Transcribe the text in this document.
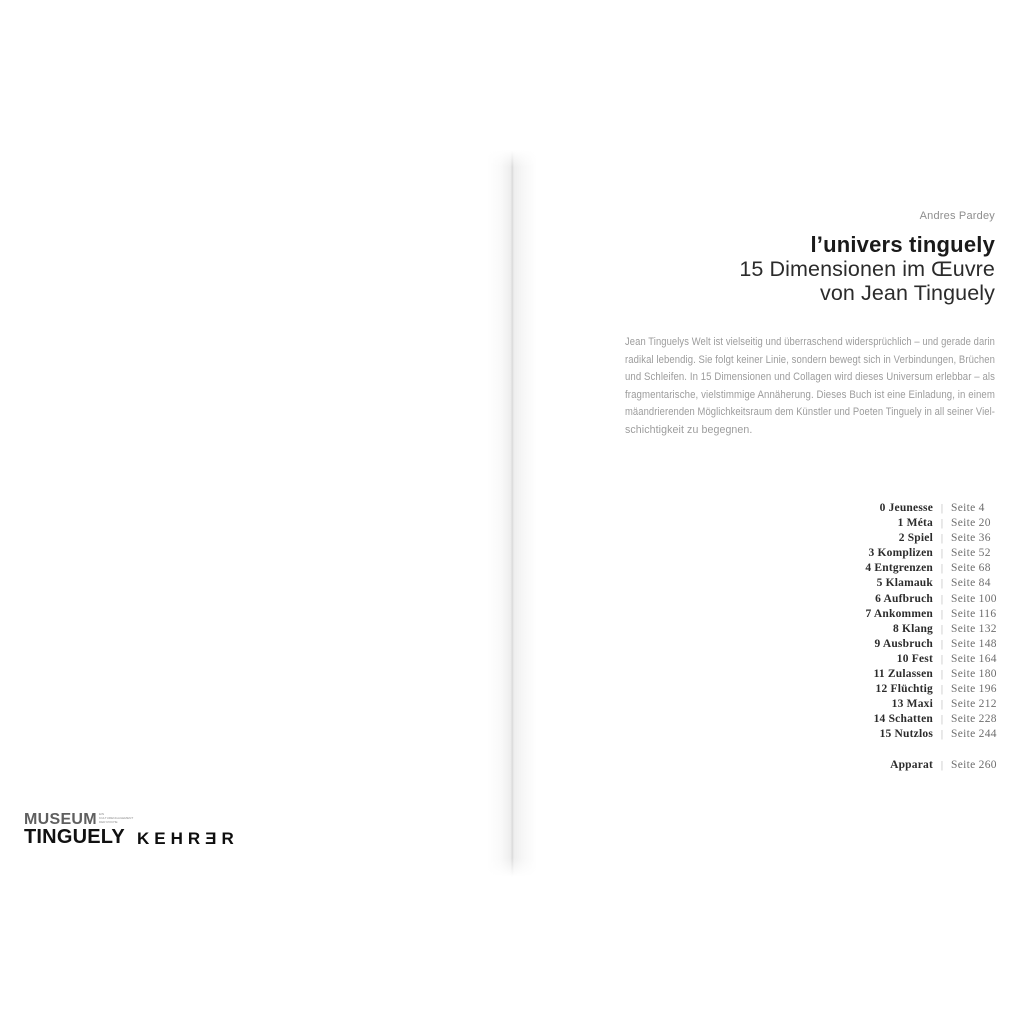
Andres Pardey
l’univers tinguely
15 Dimensionen im Œuvre
von Jean Tinguely
Jean Tinguelys Welt ist vielseitig und überraschend widersprüchlich – und gerade darin
radikal lebendig. Sie folgt keiner Linie, sondern bewegt sich in Verbindungen, Brüchen
und Schleifen. In 15 Dimensionen und Collagen wird dieses Universum erlebbar – als
fragmentarische, vielstimmige Annäherung. Dieses Buch ist eine Einladung, in einem
mäandrierenden Möglichkeitsraum dem Künstler und Poeten Tinguely in all seiner Viel-
schichtigkeit zu begegnen.
0 Jeunesse | Seite 4
1 Méta | Seite 20
2 Spiel | Seite 36
3 Komplizen | Seite 52
4 Entgrenzen | Seite 68
5 Klamauk | Seite 84
6 Aufbruch | Seite 100
7 Ankommen | Seite 116
8 Klang | Seite 132
9 Ausbruch | Seite 148
10 Fest | Seite 164
11 Zulassen | Seite 180
12 Flüchtig | Seite 196
13 Maxi | Seite 212
14 Schatten | Seite 228
15 Nutzlos | Seite 244
Apparat | Seite 260
MUSEUM EIN
KULTURENGAGEMENT
DER ROCHE
TINGUELY KEHRƎR
